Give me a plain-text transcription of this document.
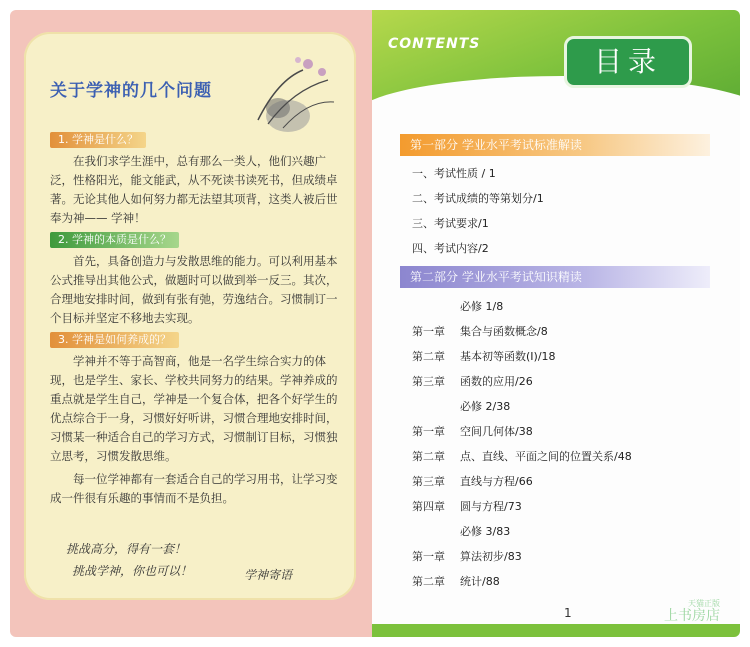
关于学神的几个问题
1. 学神是什么？

在我们求学生涯中，总有那么一类人，他们兴趣广泛，性格阳光，能文能武，从不死读书读死书，但成绩卓著。无论其他人如何努力都无法望其项背，这类人被后世奉为神—— 学神！

2. 学神的本质是什么？

首先，具备创造力与发散思维的能力。可以利用基本公式推导出其他公式，做题时可以做到举一反三。其次，合理地安排时间，做到有张有弛，劳逸结合。习惯制订一个目标并坚定不移地去实现。

3. 学神是如何养成的？

学神并不等于高智商，他是一名学生综合实力的体现，也是学生、家长、学校共同努力的结果。学神养成的重点就是学生自己，学神是一个复合体，把各个好学生的优点综合于一身，习惯好好听讲，习惯合理地安排时间，习惯某一种适合自己的学习方式，习惯制订目标，习惯独立思考，习惯发散思维。

每一位学神都有一套适合自己的学习用书，让学习变成一件很有乐趣的事情而不是负担。

挑战高分，得有一套！
挑战学神，你也可以！	学神寄语
CONTENTS
目录
第一部分 学业水平考试标准解读
一、考试性质 / 1
二、考试成绩的等第划分/1
三、考试要求/1
四、考试内容/2
第二部分 学业水平考试知识精读
必修 1/8
第一章 集合与函数概念/8
第二章 基本初等函数(Ⅰ)/18
第三章 函数的应用/26
必修 2/38
第一章 空间几何体/38
第二章 点、直线、平面之间的位置关系/48
第三章 直线与方程/66
第四章 圆与方程/73
必修 3/83
第一章 算法初步/83
第二章 统计/88
1
天猫正版
上书房店
